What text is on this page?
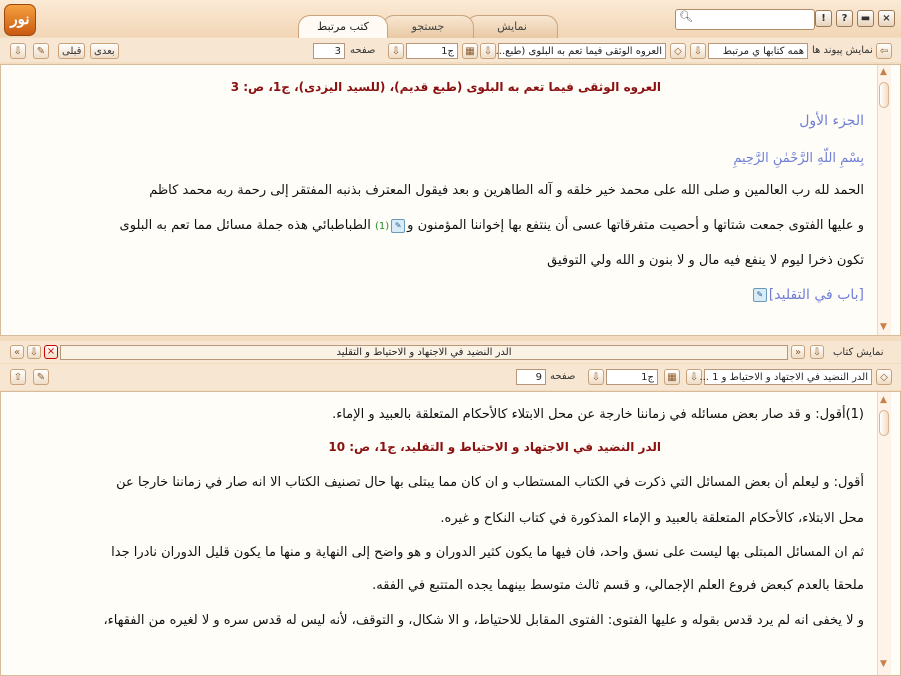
نور	نمایش
جستجو
كتب مرتبط
🔍︎	!	?	▬	×
⇩	✎	قبلی	بعدی	3 صفحه	⇩	ج1	▦ ⇩ العروه الوثقى فيما تعم به البلوى (طبع...	◇	⇩	همه کتابها ي مرتبط نمایش پیوند ها ⇦
العروه الوثقى فيما تعم به البلوى (طبع قديم)، (للسيد اليزدى)، ج1، ص: 3
الجزء الأول
بِسْمِ اللّهِ الرَّحْمٰنِ الرَّحِيمِ
الحمد لله رب العالمين و صلى الله على محمد خير خلقه و آله الطاهرين و بعد فيقول المعترف بذنبه المفتقر إلى رحمة ربه محمد كاظم
و عليها الفتوى جمعت شتاتها و أحصيت متفرقاتها عسى أن ينتفع بها إخواننا المؤمنون و✎(1) الطباطبائي هذه جملة مسائل مما تعم به البلوى
تكون ذخرا ليوم لا ينفع فيه مال و لا بنون و الله ولي التوفيق
[باب في التقليد]✎
▲
▼
« ⇩ ×	الدر النضيد في الاجتهاد و الاحتياط و التقليد	»	⇩ نمایش کتاب
⇧	✎	9 صفحه	⇩	ج1	▦	⇩ الدر النضيد في الاجتهاد و الاحتياط و 1 ...	◇
(1)أقول: و قد صار بعض مسائله في زماننا خارجة عن محل الابتلاء كالأحكام المتعلقة بالعبيد و الإماء.
الدر النضيد في الاجتهاد و الاحتياط و التقليد، ج1، ص: 10
أقول: و ليعلم أن بعض المسائل التي ذكرت في الكتاب المستطاب و ان كان مما يبتلى بها حال تصنيف الكتاب الا انه صار في زماننا خارجا عن
محل الابتلاء، كالأحكام المتعلقة بالعبيد و الإماء المذكورة في كتاب النكاح و غيره.
ثم ان المسائل المبتلى بها ليست على نسق واحد، فان فيها ما يكون كثير الدوران و هو واضح إلى النهاية و منها ما يكون قليل الدوران نادرا جدا
ملحقا بالعدم كبعض فروع العلم الإجمالي، و قسم ثالث متوسط بينهما يجده المتتبع في الفقه.
و لا يخفى انه لم يرد قدس بقوله و عليها الفتوى: الفتوى المقابل للاحتياط، و الا شكال، و التوقف، لأنه ليس له قدس سره و لا لغيره من الفقهاء،
▲
▼
